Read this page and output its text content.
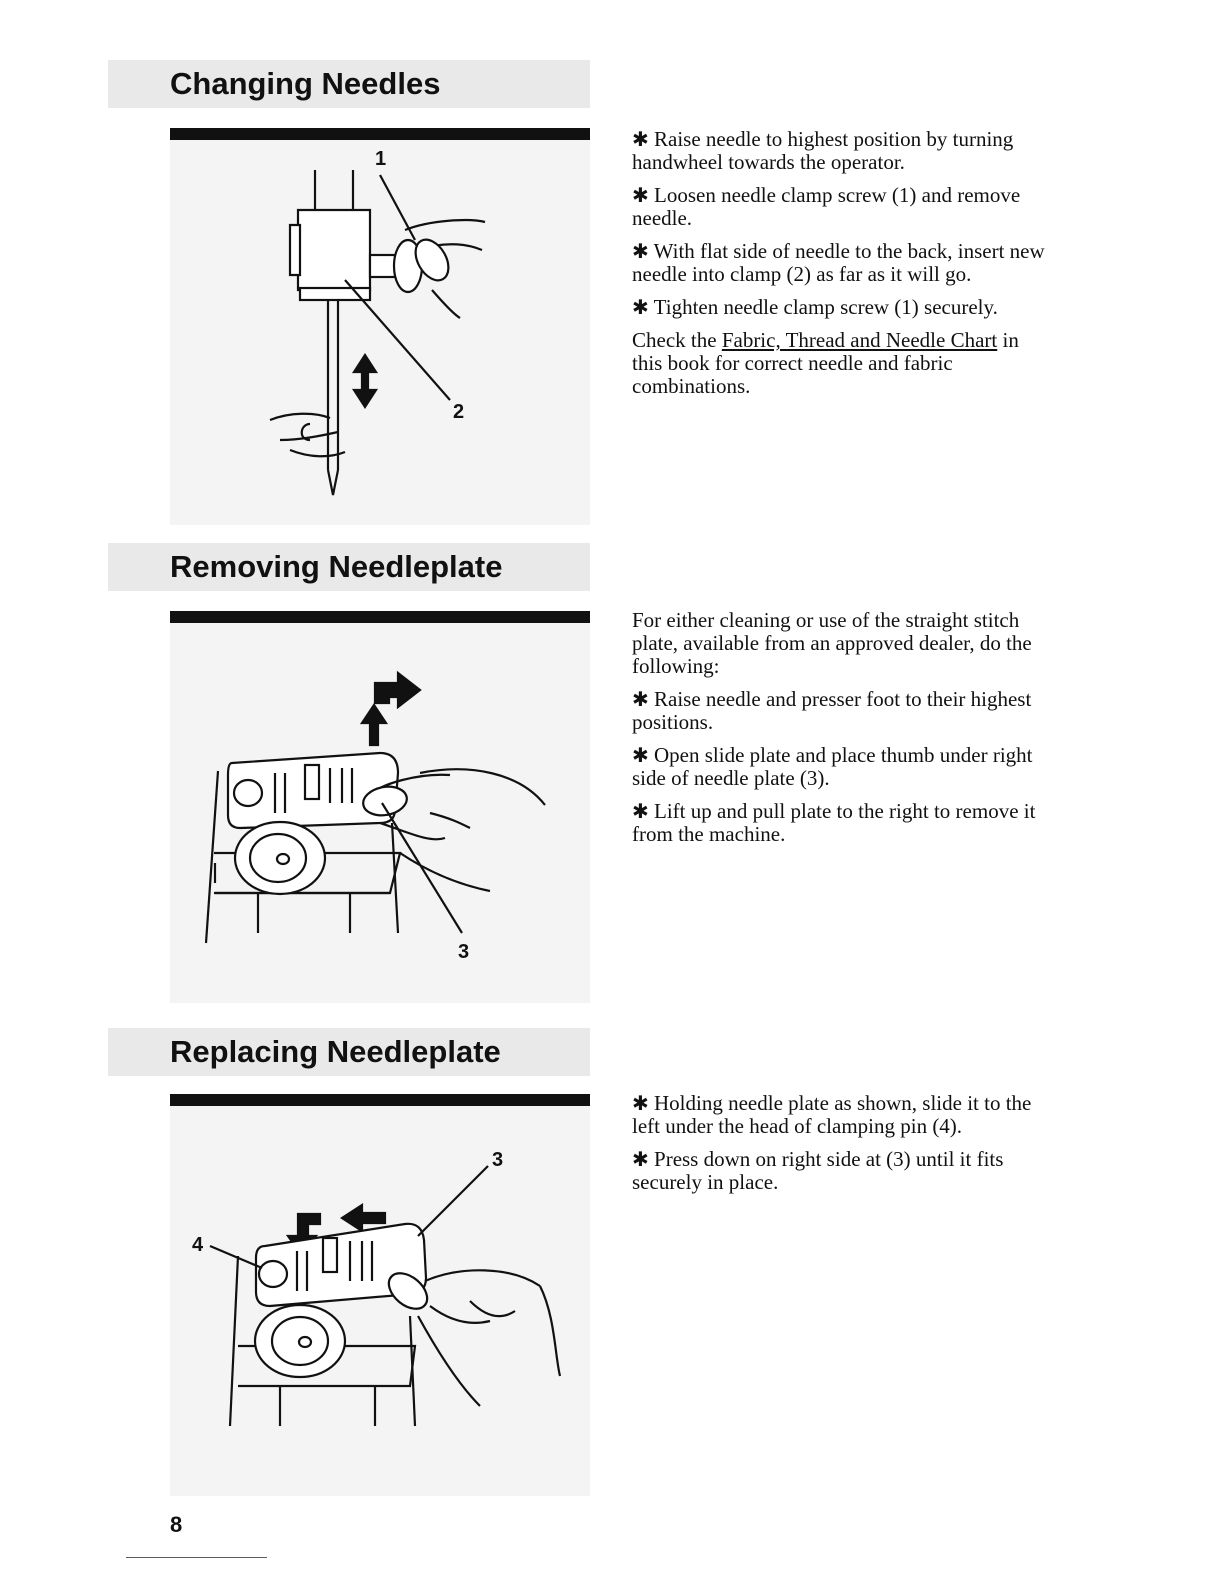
Changing Needles
1
2

✱ Raise needle to highest position by turning handwheel towards the operator.

✱ Loosen needle clamp screw (1) and remove needle.

✱ With flat side of needle to the back, insert new needle into clamp (2) as far as it will go.

✱ Tighten needle clamp screw (1) securely.

Check the Fabric, Thread and Needle Chart in this book for correct needle and fabric combinations.

Removing Needleplate
3

For either cleaning or use of the straight stitch plate, available from an approved dealer, do the following:

✱ Raise needle and presser foot to their highest positions.

✱ Open slide plate and place thumb under right side of needle plate (3).

✱ Lift up and pull plate to the right to remove it from the machine.

Replacing Needleplate
3
4

✱ Holding needle plate as shown, slide it to the left under the head of clamping pin (4).

✱ Press down on right side at (3) until it fits securely in place.

8
